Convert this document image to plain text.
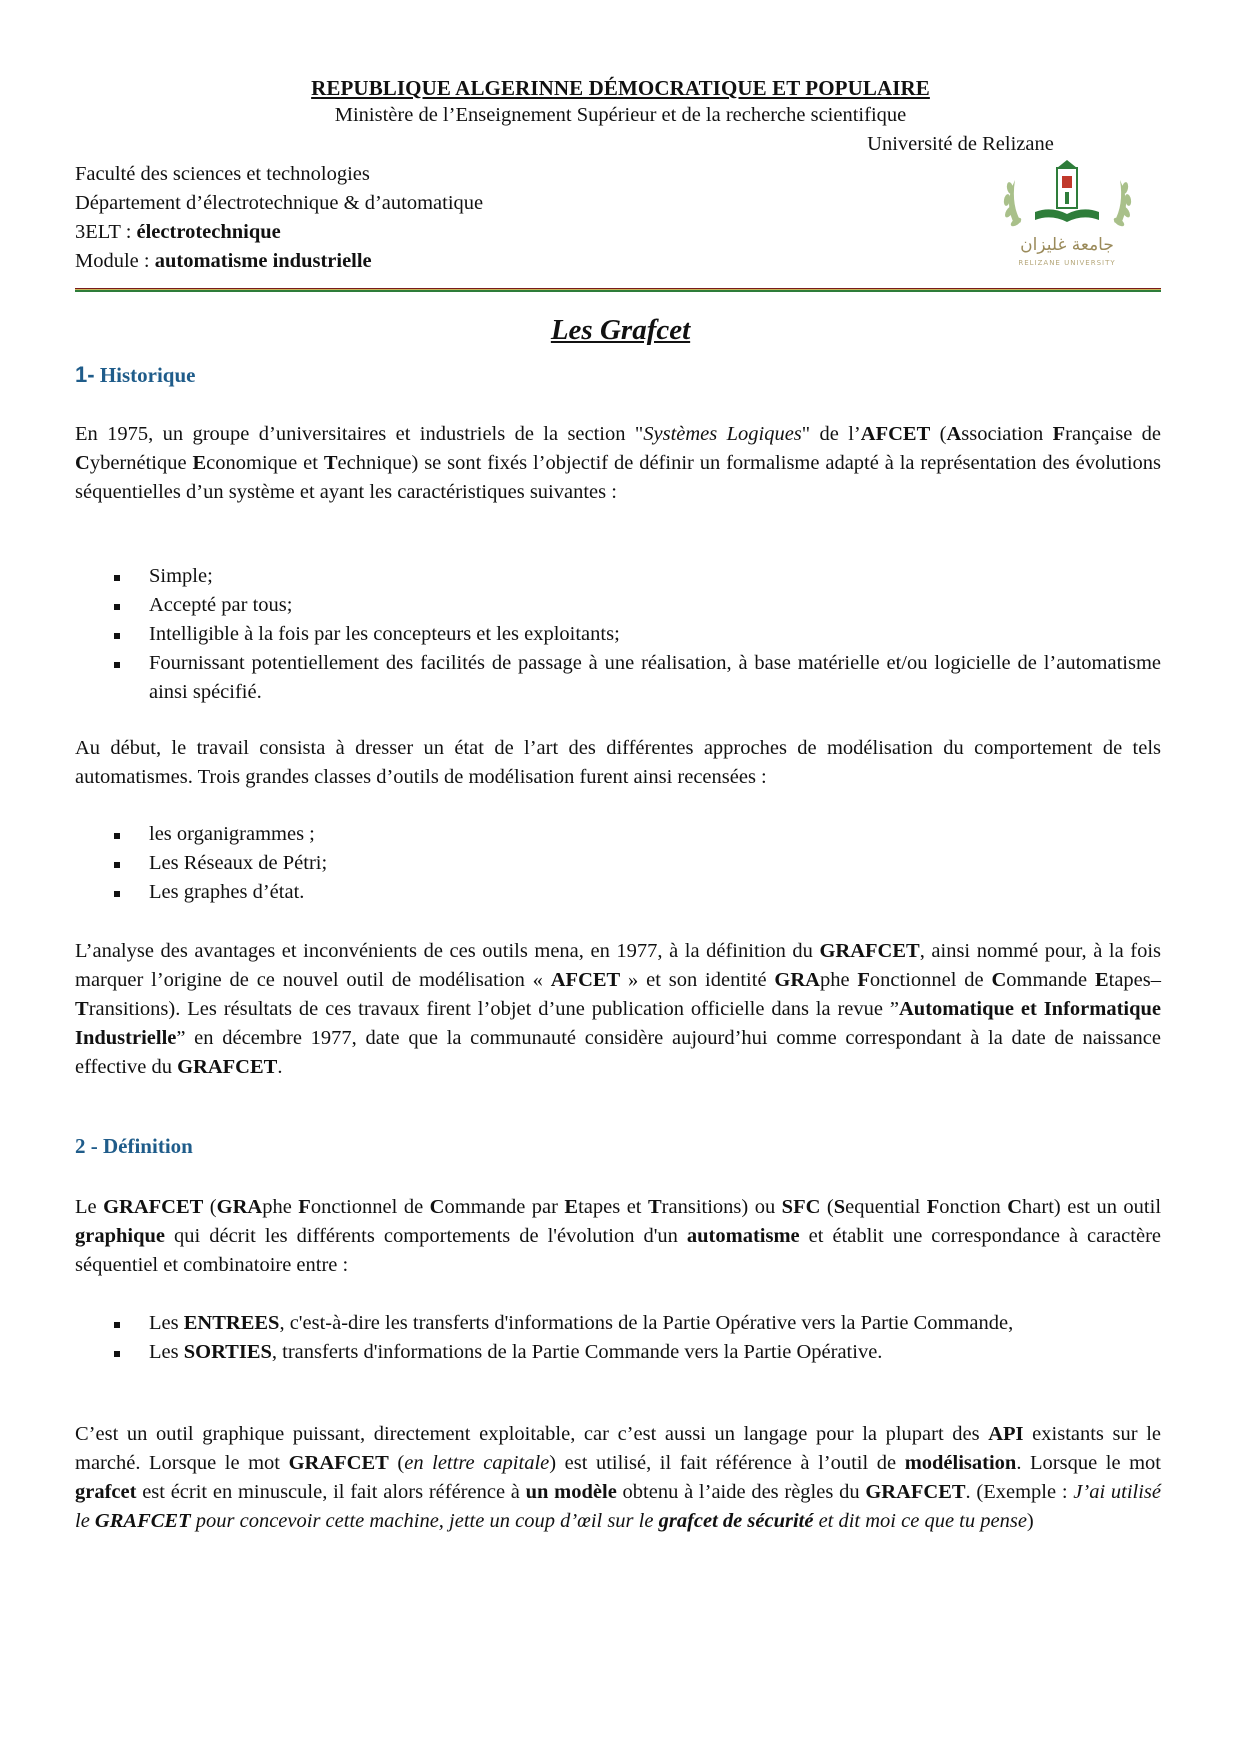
REPUBLIQUE ALGERINNE DÉMOCRATIQUE ET POPULAIRE
Ministère de l’Enseignement Supérieur et de la recherche scientifique
Université de Relizane
Faculté des sciences et technologies
Département d’électrotechnique & d’automatique
3ELT : électrotechnique
Module : automatisme industrielle
جامعة غليزان
RELIZANE UNIVERSITY
Les Grafcet
1- Historique
En 1975, un groupe d’universitaires et industriels de la section "Systèmes Logiques" de l’AFCET (Association Française de Cybernétique Economique et Technique) se sont fixés l’objectif de définir un formalisme adapté à la représentation des évolutions séquentielles d’un système et ayant les caractéristiques suivantes :
Simple;
Accepté par tous;
Intelligible à la fois par les concepteurs et les exploitants;
Fournissant potentiellement des facilités de passage à une réalisation, à base matérielle et/ou logicielle de l’automatisme ainsi spécifié.
Au début, le travail consista à dresser un état de l’art des différentes approches de modélisation du comportement de tels automatismes. Trois grandes classes d’outils de modélisation furent ainsi recensées :
les organigrammes ;
Les Réseaux de Pétri;
Les graphes d’état.
L’analyse des avantages et inconvénients de ces outils mena, en 1977, à la définition du GRAFCET, ainsi nommé pour, à la fois marquer l’origine de ce nouvel outil de modélisation « AFCET » et son identité GRAphe Fonctionnel de Commande Etapes–Transitions). Les résultats de ces travaux firent l’objet d’une publication officielle dans la revue ”Automatique et Informatique Industrielle” en décembre 1977, date que la communauté considère aujourd’hui comme correspondant à la date de naissance effective du GRAFCET.
2 - Définition
Le GRAFCET (GRAphe Fonctionnel de Commande par Etapes et Transitions) ou SFC (Sequential Fonction Chart) est un outil graphique qui décrit les différents comportements de l'évolution d'un automatisme et établit une correspondance à caractère séquentiel et combinatoire entre :
Les ENTREES, c'est-à-dire les transferts d'informations de la Partie Opérative vers la Partie Commande,
Les SORTIES, transferts d'informations de la Partie Commande vers la Partie Opérative.
C’est un outil graphique puissant, directement exploitable, car c’est aussi un langage pour la plupart des API existants sur le marché. Lorsque le mot GRAFCET (en lettre capitale) est utilisé, il fait référence à l’outil de modélisation. Lorsque le mot grafcet est écrit en minuscule, il fait alors référence à un modèle obtenu à l’aide des règles du GRAFCET. (Exemple : J’ai utilisé le GRAFCET pour concevoir cette machine, jette un coup d’œil sur le grafcet de sécurité et dit moi ce que tu pense)
